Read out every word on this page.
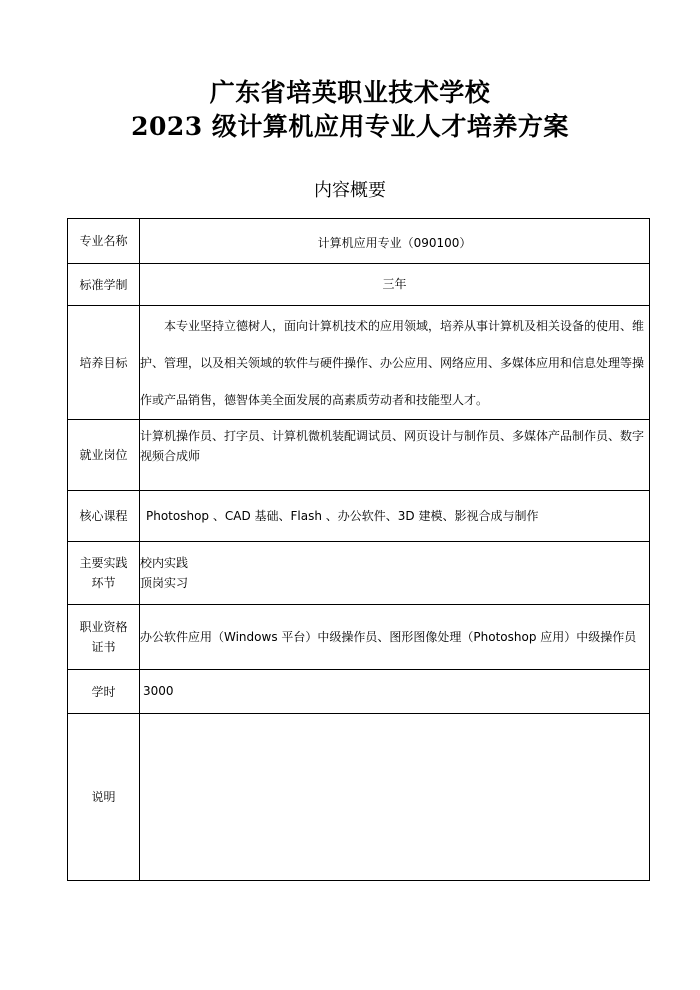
广东省培英职业技术学校
2023 级计算机应用专业人才培养方案
内容概要
专业名称	计算机应用专业（090100）
标准学制	三年
培养目标	本专业坚持立德树人，面向计算机技术的应用领域，培养从事计算机及相关设备的使用、维护、管理，以及相关领域的软件与硬件操作、办公应用、网络应用、多媒体应用和信息处理等操作或产品销售，德智体美全面发展的高素质劳动者和技能型人才。

就业岗位	计算机操作员、打字员、计算机微机装配调试员、网页设计与制作员、多媒体产品制作员、数字视频合成师

核心课程	Photoshop 、CAD 基础、Flash 、办公软件、3D 建模、影视合成与制作

主要实践
环节	校内实践
顶岗实习

职业资格
证书	办公软件应用（Windows 平台）中级操作员、图形图像处理（Photoshop 应用）中级操作员

学时	3000
说明	
